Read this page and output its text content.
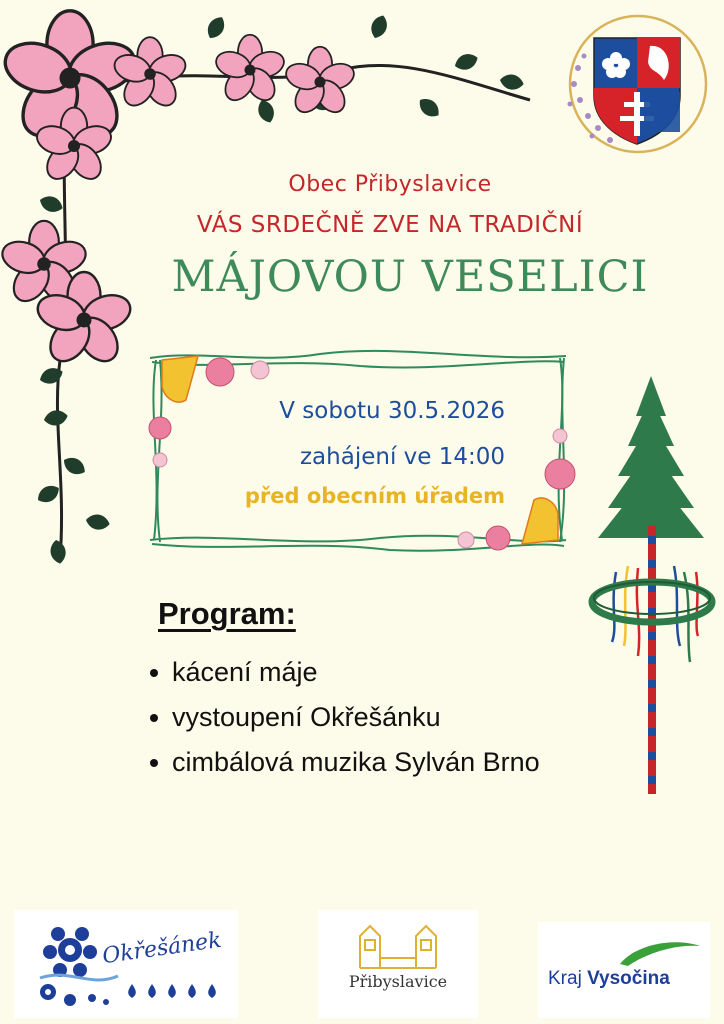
Obec Přibyslavice
VÁS SRDEČNĚ ZVE NA TRADIČNÍ
MÁJOVOU VESELICI
V sobotu 30.5.2026
zahájení ve 14:00
před obecním úřadem
Program:
kácení máje
vystoupení Okřešánku
cimbálová muzika Sylván Brno
Okřešánek
Přibyslavice	Kraj Vysočina
